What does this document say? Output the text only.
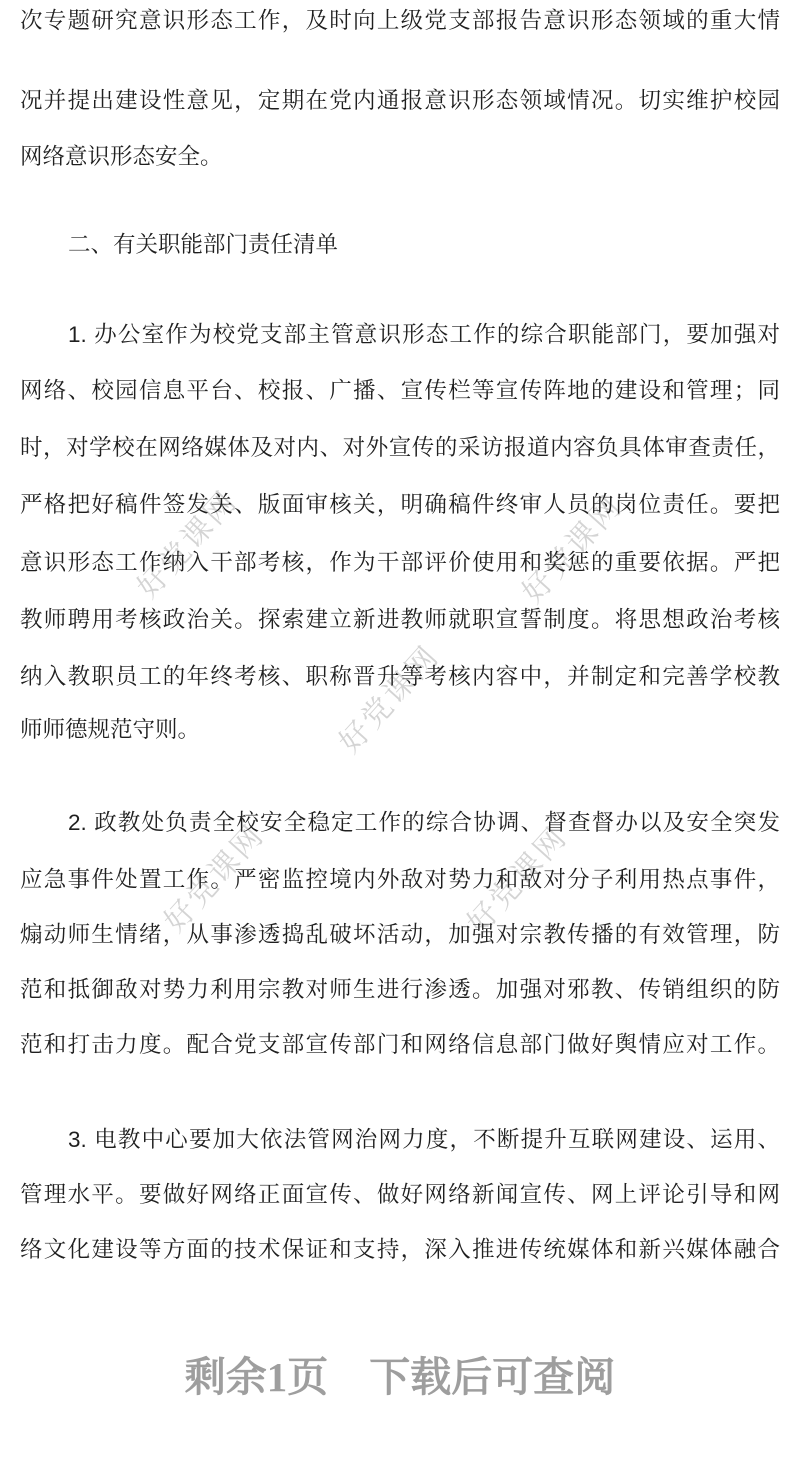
好党课网	好党课网
好党课网
好党课网	好党课网
次专题研究意识形态工作，及时向上级党支部报告意识形态领域的重大情
况并提出建设性意见，定期在党内通报意识形态领域情况。切实维护校园
网络意识形态安全。
二、有关职能部门责任清单
1. 办公室作为校党支部主管意识形态工作的综合职能部门，要加强对
网络、校园信息平台、校报、广播、宣传栏等宣传阵地的建设和管理；同
时，对学校在网络媒体及对内、对外宣传的采访报道内容负具体审查责任，
严格把好稿件签发关、版面审核关，明确稿件终审人员的岗位责任。要把
意识形态工作纳入干部考核，作为干部评价使用和奖惩的重要依据。严把
教师聘用考核政治关。探索建立新进教师就职宣誓制度。将思想政治考核
纳入教职员工的年终考核、职称晋升等考核内容中，并制定和完善学校教
师师德规范守则。
2. 政教处负责全校安全稳定工作的综合协调、督查督办以及安全突发
应急事件处置工作。严密监控境内外敌对势力和敌对分子利用热点事件，
煽动师生情绪，从事渗透捣乱破坏活动，加强对宗教传播的有效管理，防
范和抵御敌对势力利用宗教对师生进行渗透。加强对邪教、传销组织的防
范和打击力度。配合党支部宣传部门和网络信息部门做好舆情应对工作。
3. 电教中心要加大依法管网治网力度，不断提升互联网建设、运用、
管理水平。要做好网络正面宣传、做好网络新闻宣传、网上评论引导和网
络文化建设等方面的技术保证和支持，深入推进传统媒体和新兴媒体融合
剩余1页 下载后可查阅
